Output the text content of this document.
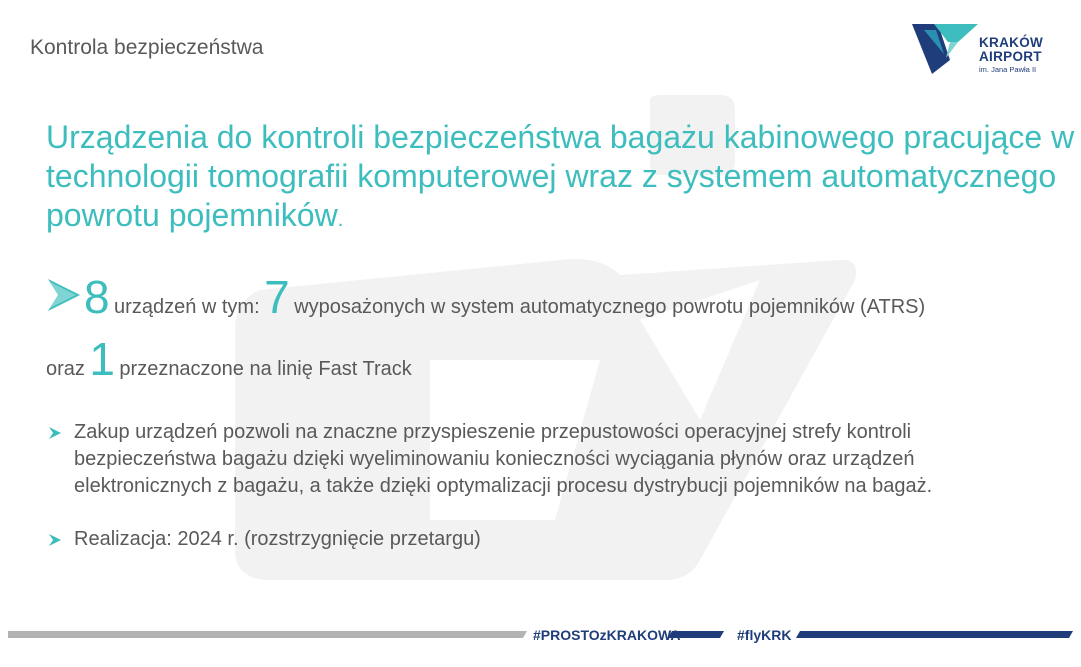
Kontrola bezpieczeństwa	KRAKÓW
AIRPORT
im. Jana Pawła II
Urządzenia do kontroli bezpieczeństwa bagażu kabinowego pracujące w technologii tomografii komputerowej wraz z systemem automatycznego powrotu pojemników.
8 urządzeń w tym: 7 wyposażonych w system automatycznego powrotu pojemników (ATRS)
oraz 1 przeznaczone na linię Fast Track
Zakup urządzeń pozwoli na znaczne przyspieszenie przepustowości operacyjnej strefy kontroli bezpieczeństwa bagażu dzięki wyeliminowaniu konieczności wyciągania płynów oraz urządzeń elektronicznych z bagażu, a także dzięki optymalizacji procesu dystrybucji pojemników na bagaż.
Realizacja: 2024 r. (rozstrzygnięcie przetargu)
#PROSTOzKRAKOWA	#flyKRK
